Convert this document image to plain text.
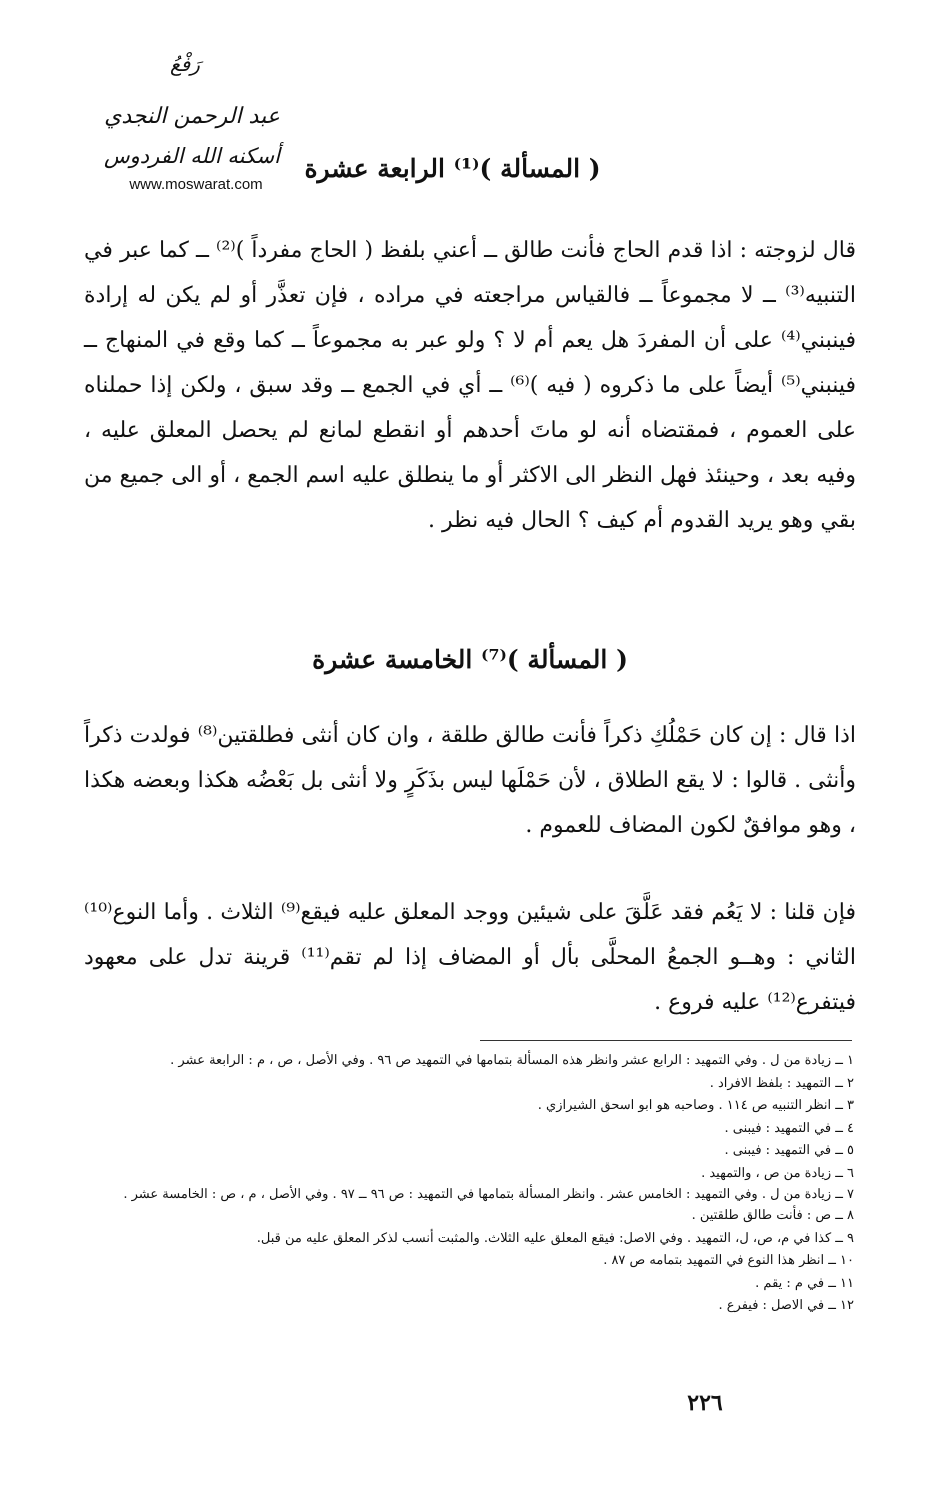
رَفْعُ
عبد الرحمن النجدي
أسكنه الله الفردوس
www.moswarat.com
( المسألة )⁽¹⁾ الرابعة عشرة

قال لزوجته : اذا قدم الحاج فأنت طالق ــ أعني بلفظ ( الحاج مفرداً )⁽²⁾ ــ كما عبر في التنبيه⁽³⁾ ــ لا مجموعاً ــ فالقياس مراجعته في مراده ، فإن تعذَّر أو لم يكن له إرادة فينبني⁽⁴⁾ على أن المفردَ هل يعم أم لا ؟ ولو عبر به مجموعاً ــ كما وقع في المنهاج ــ فينبني⁽⁵⁾ أيضاً على ما ذكروه ( فيه )⁽⁶⁾ ــ أي في الجمع ــ وقد سبق ، ولكن إذا حملناه على العموم ، فمقتضاه أنه لو ماتَ أحدهم أو انقطع لمانع لم يحصل المعلق عليه ، وفيه بعد ، وحينئذ فهل النظر الى الاكثر أو ما ينطلق عليه اسم الجمع ، أو الى جميع من بقي وهو يريد القدوم أم كيف ؟ الحال فيه نظر .

( المسألة )⁽⁷⁾ الخامسة عشرة

اذا قال : إن كان حَمْلُكِ ذكراً فأنت طالق طلقة ، وان كان أنثى فطلقتين⁽⁸⁾ فولدت ذكراً وأنثى . قالوا : لا يقع الطلاق ، لأن حَمْلَها ليس بذَكَرٍ ولا أنثى بل بَعْضُه هكذا وبعضه هكذا ، وهو موافقٌ لكون المضاف للعموم .

فإن قلنا : لا يَعُم فقد عَلَّقَ على شيئين ووجد المعلق عليه فيقع⁽⁹⁾ الثلاث . وأما النوع⁽¹⁰⁾ الثاني : وهــو الجمعُ المحلَّى بأل أو المضاف إذا لم تقم⁽¹¹⁾ قرينة تدل على معهود فيتفرع⁽¹²⁾ عليه فروع .

١ ــ زيادة من ل . وفي التمهيد : الرابع عشر وانظر هذه المسألة بتمامها في التمهيد ص ٩٦ . وفي الأصل ، ص ، م : الرابعة عشر .
٢ ــ التمهيد : بلفظ الافراد .
٣ ــ انظر التنبيه ص ١١٤ . وصاحبه هو ابو اسحق الشيرازي .
٤ ــ في التمهيد : فيبنى .
٥ ــ في التمهيد : فيبنى .
٦ ــ زيادة من ص ، والتمهيد .
٧ ــ زيادة من ل . وفي التمهيد : الخامس عشر . وانظر المسألة بتمامها في التمهيد : ص ٩٦ ــ ٩٧ . وفي الأصل ، م ، ص : الخامسة عشر .
٨ ــ ص : فأنت طالق طلقتين .
٩ ــ كذا في م، ص، ل، التمهيد . وفي الاصل: فيقع المعلق عليه الثلاث. والمثبت أنسب لذكر المعلق عليه من قبل.
١٠ ــ انظر هذا النوع في التمهيد بتمامه ص ٨٧ .
١١ ــ في م : يقم .
١٢ ــ في الاصل : فيفرع .
٢٢٦
